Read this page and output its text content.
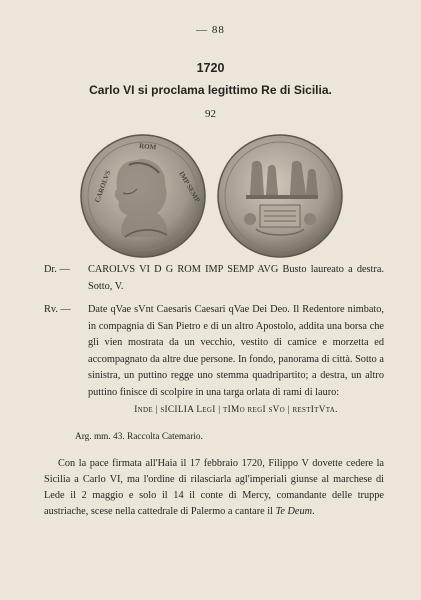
— 88
1720
Carlo VI si proclama legittimo Re di Sicilia.
92
CAROLVS
ROM
IMP SEMP
Dr. — CAROLVS VI D G ROM IMP SEMP AVG Busto laureato a destra. Sotto, V.
Rv. — Date qVae sVnt Caesaris Caesari qVae Dei Deo. Il Redentore nimbato, in compagnia di San Pietro e di un altro Apostolo, addita una borsa che gli vien mostrata da un vecchio, vestito di camice e morzetta ed accompagnato da altre due persone. In fondo, panorama di città. Sotto a sinistra, un puttino regge uno stemma quadripartito; a destra, un altro puttino finisce di scolpire in una targa orlata di rami di lauro:
Inde | sICILIA LegI | tIMo regI sVo | restItVta.
Arg. mm. 43. Raccolta Catemario.
Con la pace firmata all'Haia il 17 febbraio 1720, Filippo V dovette cedere la Sicilia a Carlo VI, ma l'ordine di rilasciarla agl'imperiali giunse al marchese di Lede il 2 maggio e solo il 14 il conte di Mercy, comandante delle truppe austriache, scese nella cattedrale di Palermo a cantare il Te Deum.
